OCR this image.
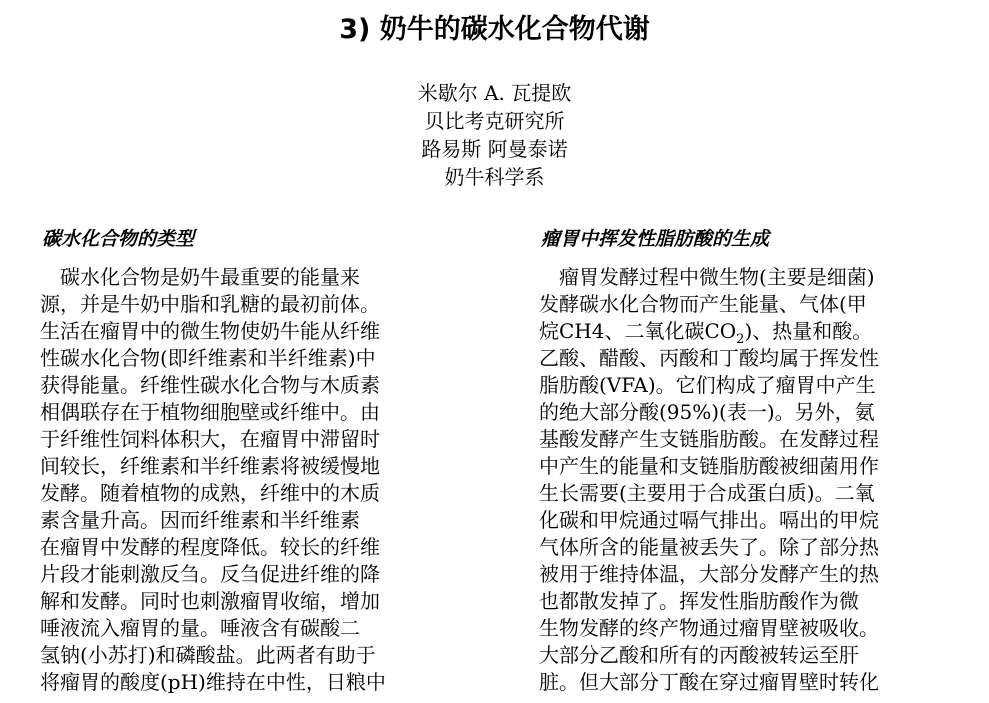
3) 奶牛的碳水化合物代谢
米歇尔 A. 瓦提欧
贝比考克研究所
路易斯 阿曼泰诺
奶牛科学系
碳水化合物的类型	瘤胃中挥发性脂肪酸的生成
　碳水化合物是奶牛最重要的能量来
源，并是牛奶中脂和乳糖的最初前体。
生活在瘤胃中的微生物使奶牛能从纤维
性碳水化合物(即纤维素和半纤维素)中
获得能量。纤维性碳水化合物与木质素
相偶联存在于植物细胞壁或纤维中。由
于纤维性饲料体积大，在瘤胃中滞留时
间较长，纤维素和半纤维素将被缓慢地
发酵。随着植物的成熟，纤维中的木质
素含量升高。因而纤维素和半纤维素
在瘤胃中发酵的程度降低。较长的纤维
片段才能刺激反刍。反刍促进纤维的降
解和发酵。同时也刺激瘤胃收缩，增加
唾液流入瘤胃的量。唾液含有碳酸二
氢钠(小苏打)和磷酸盐。此两者有助于
将瘤胃的酸度(pH)维持在中性，日粮中
　瘤胃发酵过程中微生物(主要是细菌)
发酵碳水化合物而产生能量、气体(甲
烷CH4、二氧化碳$CO_2$)、热量和酸。
乙酸、醋酸、丙酸和丁酸均属于挥发性
脂肪酸(VFA)。它们构成了瘤胃中产生
的绝大部分酸(95%)(表一)。另外，氨
基酸发酵产生支链脂肪酸。在发酵过程
中产生的能量和支链脂肪酸被细菌用作
生长需要(主要用于合成蛋白质)。二氧
化碳和甲烷通过嗝气排出。嗝出的甲烷
气体所含的能量被丢失了。除了部分热
被用于维持体温，大部分发酵产生的热
也都散发掉了。挥发性脂肪酸作为微
生物发酵的终产物通过瘤胃壁被吸收。
大部分乙酸和所有的丙酸被转运至肝
脏。但大部分丁酸在穿过瘤胃壁时转化
